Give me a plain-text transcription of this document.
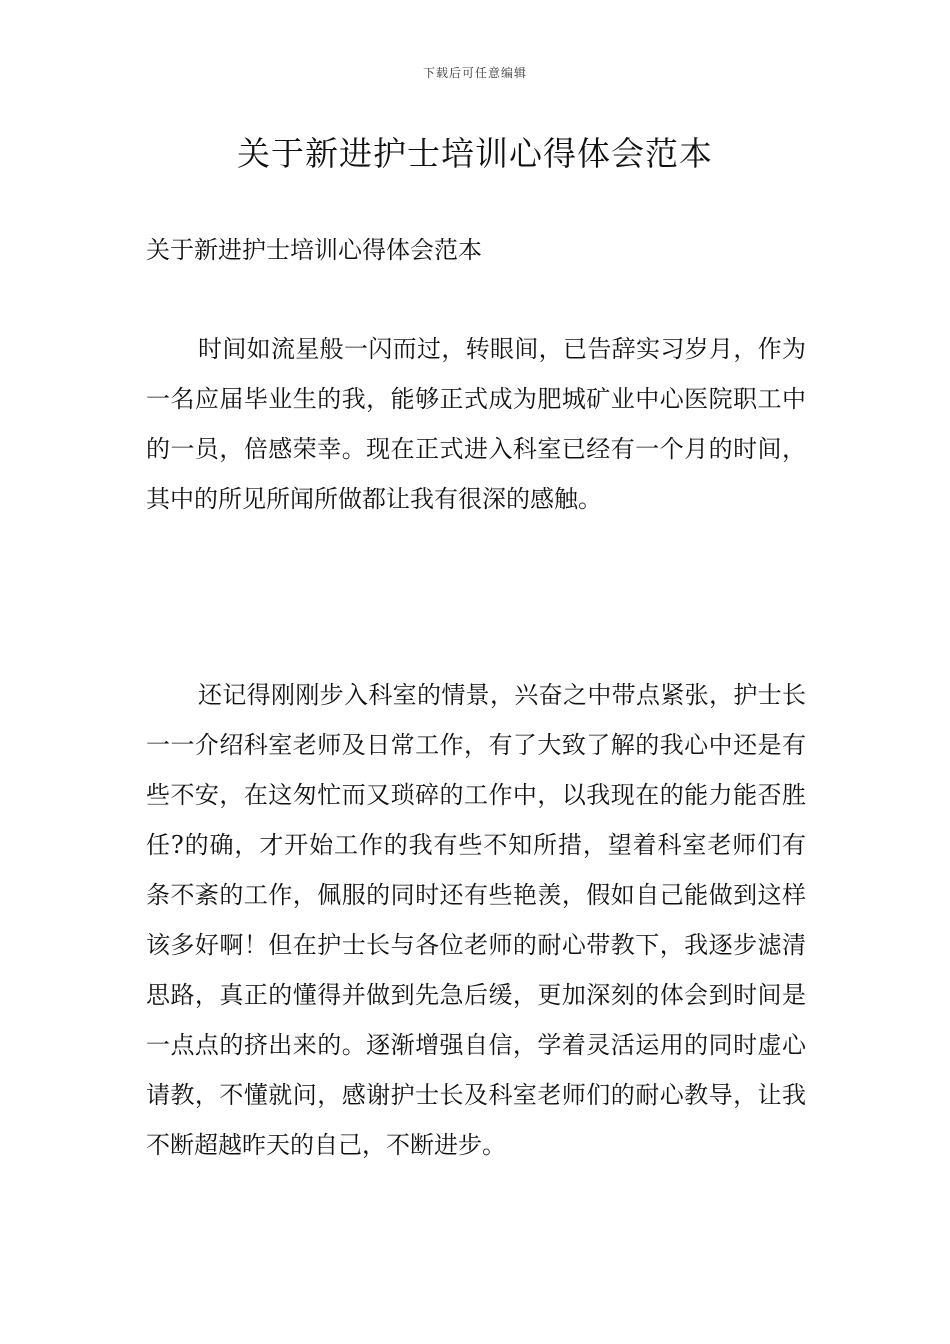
下载后可任意编辑
关于新进护士培训心得体会范本
关于新进护士培训心得体会范本

时间如流星般一闪而过，转眼间，已告辞实习岁月，作为一名应届毕业生的我，能够正式成为肥城矿业中心医院职工中的一员，倍感荣幸。现在正式进入科室已经有一个月的时间，其中的所见所闻所做都让我有很深的感触。

还记得刚刚步入科室的情景，兴奋之中带点紧张，护士长一一介绍科室老师及日常工作，有了大致了解的我心中还是有些不安，在这匆忙而又琐碎的工作中，以我现在的能力能否胜任?的确，才开始工作的我有些不知所措，望着科室老师们有条不紊的工作，佩服的同时还有些艳羡，假如自己能做到这样该多好啊！但在护士长与各位老师的耐心带教下，我逐步滤清思路，真正的懂得并做到先急后缓，更加深刻的体会到时间是一点点的挤出来的。逐渐增强自信，学着灵活运用的同时虚心请教，不懂就问，感谢护士长及科室老师们的耐心教导，让我不断超越昨天的自己，不断进步。
